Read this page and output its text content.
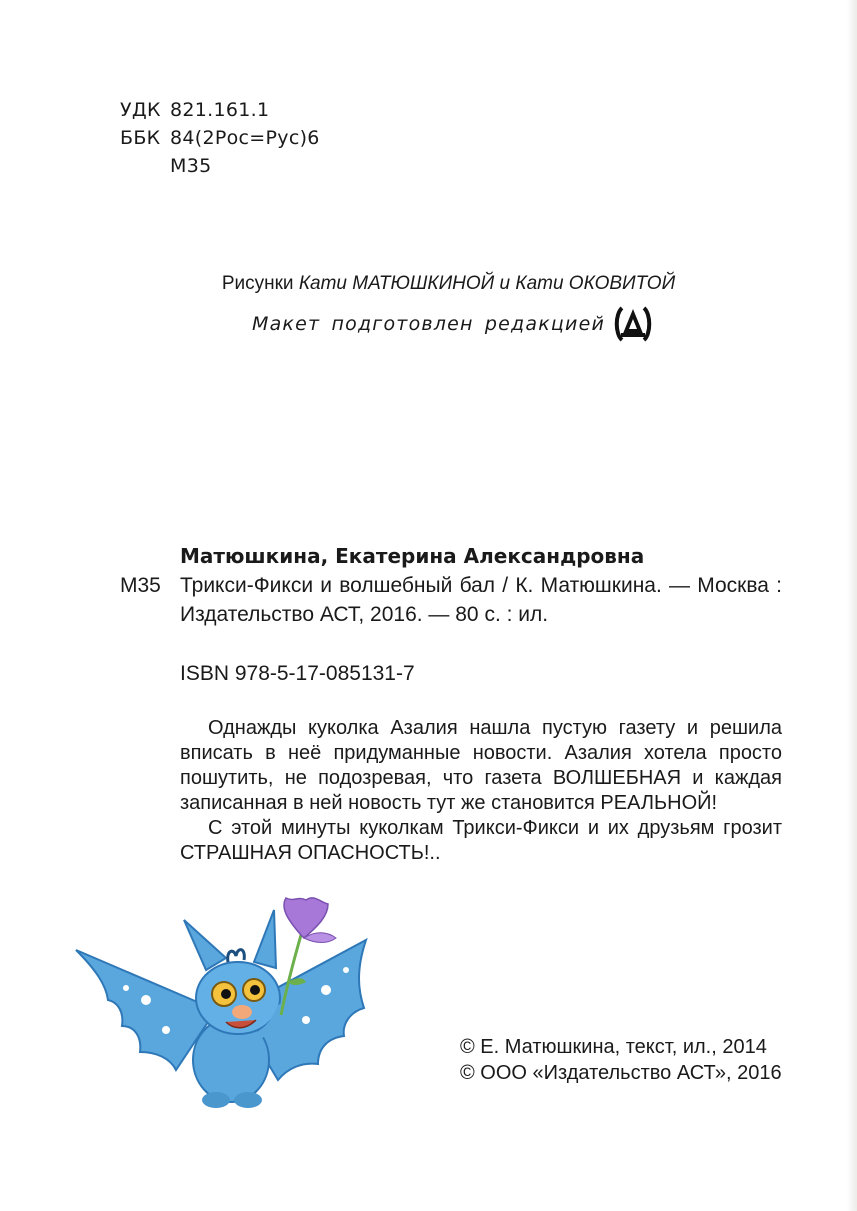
УДК 821.161.1
ББК 84(2Рос=Рус)6
М35
Рисунки Кати МАТЮШКИНОЙ и Кати ОКОВИТОЙ
Макет подготовлен редакцией
Матюшкина, Екатерина Александровна
М35 Трикси-Фикси и волшебный бал / К. Матюшкина. — Москва : Издательство АСТ, 2016. — 80 с. : ил.
ISBN 978-5-17-085131-7

Однажды куколка Азалия нашла пустую газету и решила вписать в неё придуманные новости. Азалия хотела просто пошутить, не подозревая, что газета ВОЛШЕБНАЯ и каждая записанная в ней новость тут же становится РЕАЛЬНОЙ!

С этой минуты куколкам Трикси-Фикси и их друзьям грозит СТРАШНАЯ ОПАСНОСТЬ!..

© Е. Матюшкина, текст, ил., 2014
© ООО «Издательство АСТ», 2016
